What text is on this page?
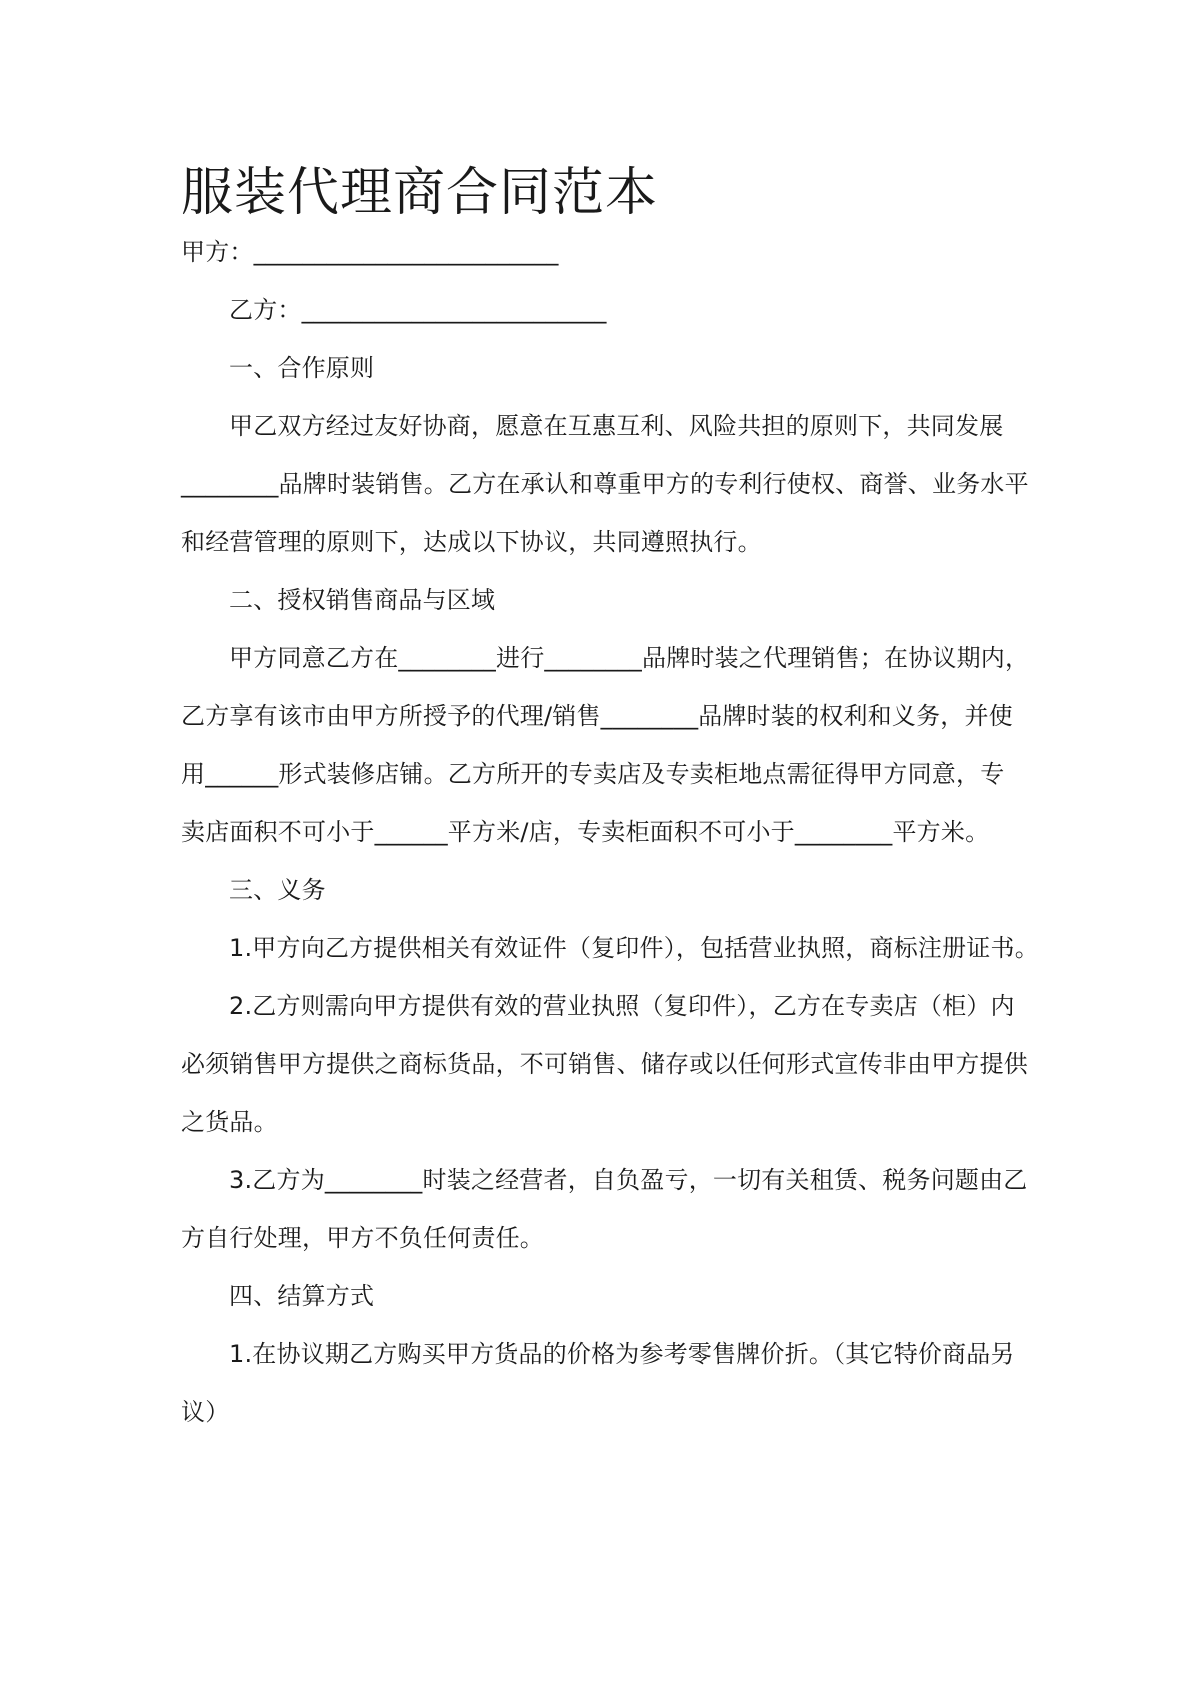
服装代理商合同范本
甲方：_________________________
乙方：_________________________
一、合作原则
甲乙双方经过友好协商，愿意在互惠互利、风险共担的原则下，共同发展
________品牌时装销售。乙方在承认和尊重甲方的专利行使权、商誉、业务水平
和经营管理的原则下，达成以下协议，共同遵照执行。
二、授权销售商品与区域
甲方同意乙方在________进行________品牌时装之代理销售；在协议期内，
乙方享有该市由甲方所授予的代理/销售________品牌时装的权利和义务，并使
用______形式装修店铺。乙方所开的专卖店及专卖柜地点需征得甲方同意，专
卖店面积不可小于______平方米/店，专卖柜面积不可小于________平方米。
三、义务
1.甲方向乙方提供相关有效证件（复印件），包括营业执照，商标注册证书。
2.乙方则需向甲方提供有效的营业执照（复印件），乙方在专卖店（柜）内
必须销售甲方提供之商标货品，不可销售、储存或以任何形式宣传非由甲方提供
之货品。
3.乙方为________时装之经营者，自负盈亏，一切有关租赁、税务问题由乙
方自行处理，甲方不负任何责任。
四、结算方式
1.在协议期乙方购买甲方货品的价格为参考零售牌价折。（其它特价商品另
议）
